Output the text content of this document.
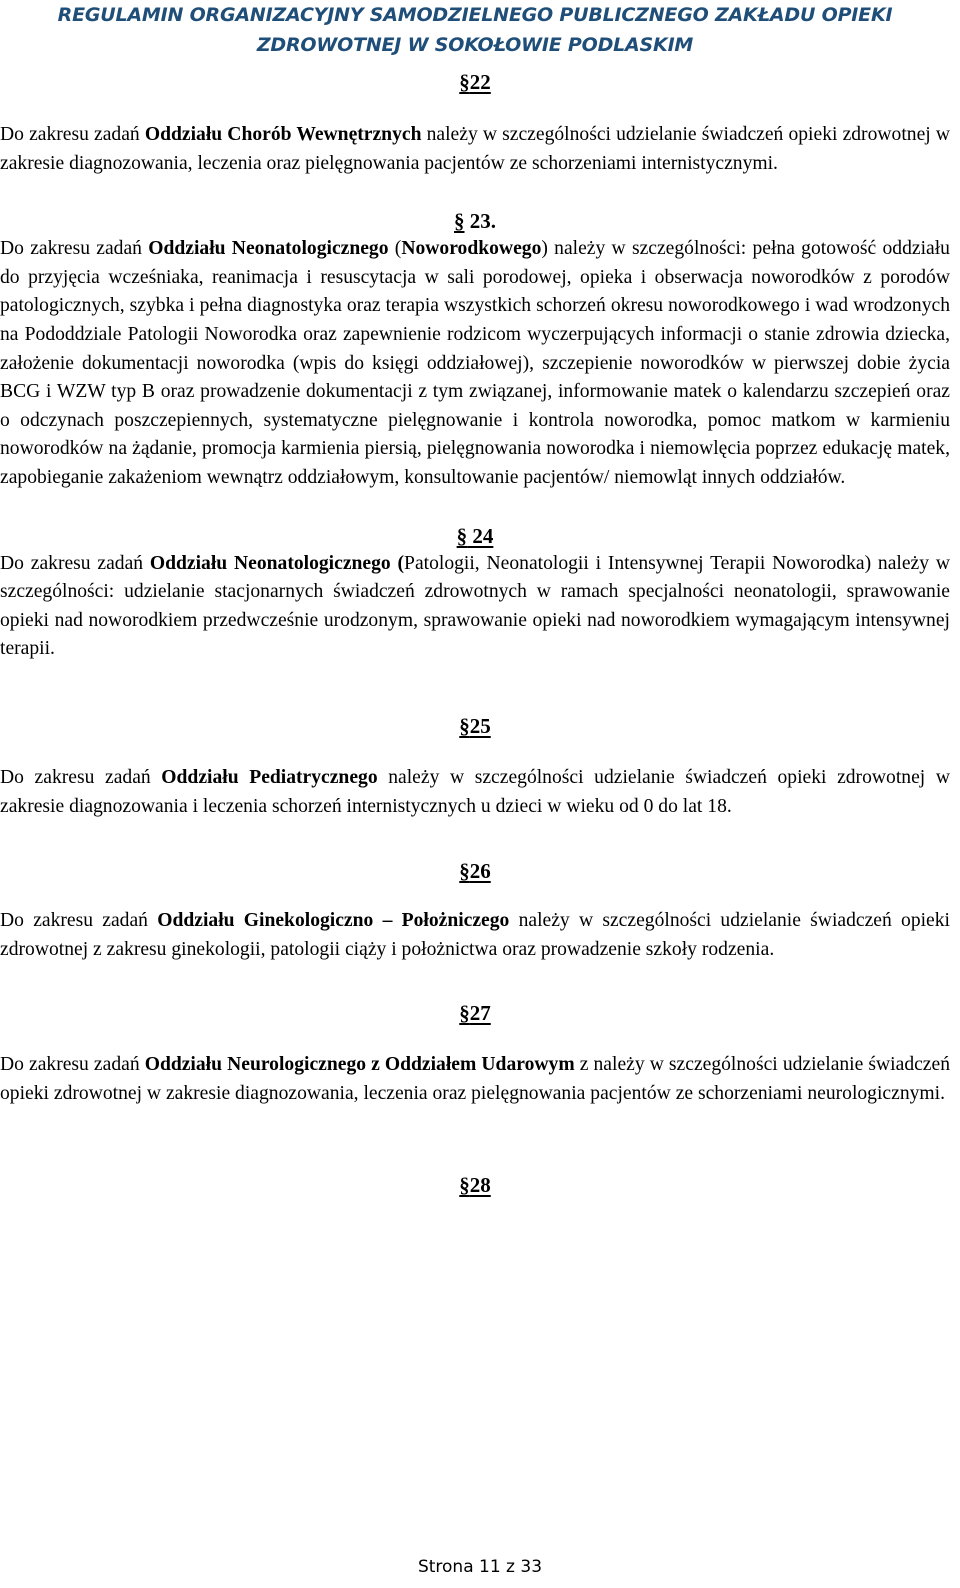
REGULAMIN ORGANIZACYJNY SAMODZIELNEGO PUBLICZNEGO ZAKŁADU OPIEKI
ZDROWOTNEJ W SOKOŁOWIE PODLASKIM
§22

Do zakresu zadań Oddziału Chorób Wewnętrznych należy w szczególności udzielanie świadczeń opieki zdrowotnej w zakresie diagnozowania, leczenia oraz pielęgnowania pacjentów ze schorzeniami internistycznymi.

§ 23.

Do zakresu zadań Oddziału Neonatologicznego (Noworodkowego) należy w szczególności: pełna gotowość oddziału do przyjęcia wcześniaka, reanimacja i resuscytacja w sali porodowej, opieka i obserwacja noworodków z porodów patologicznych, szybka i pełna diagnostyka oraz terapia wszystkich schorzeń okresu noworodkowego i wad wrodzonych na Pododdziale Patologii Noworodka oraz zapewnienie rodzicom wyczerpujących informacji o stanie zdrowia dziecka, założenie dokumentacji noworodka (wpis do księgi oddziałowej), szczepienie noworodków w pierwszej dobie życia BCG i WZW typ B oraz prowadzenie dokumentacji z tym związanej, informowanie matek o kalendarzu szczepień oraz o odczynach poszczepiennych, systematyczne pielęgnowanie i kontrola noworodka, pomoc matkom w karmieniu noworodków na żądanie, promocja karmienia piersią, pielęgnowania noworodka i niemowlęcia poprzez edukację matek, zapobieganie zakażeniom wewnątrz oddziałowym, konsultowanie pacjentów/ niemowląt innych oddziałów.

§ 24

Do zakresu zadań Oddziału Neonatologicznego (Patologii, Neonatologii i Intensywnej Terapii Noworodka) należy w szczególności: udzielanie stacjonarnych świadczeń zdrowotnych w ramach specjalności neonatologii, sprawowanie opieki nad noworodkiem przedwcześnie urodzonym, sprawowanie opieki nad noworodkiem wymagającym intensywnej terapii.

§25

Do zakresu zadań Oddziału Pediatrycznego należy w szczególności udzielanie świadczeń opieki zdrowotnej w zakresie diagnozowania i leczenia schorzeń internistycznych u dzieci w wieku od 0 do lat 18.

§26

Do zakresu zadań Oddziału Ginekologiczno – Położniczego należy w szczególności udzielanie świadczeń opieki zdrowotnej z zakresu ginekologii, patologii ciąży i położnictwa oraz prowadzenie szkoły rodzenia.

§27

Do zakresu zadań Oddziału Neurologicznego z Oddziałem Udarowym z należy w szczególności udzielanie świadczeń opieki zdrowotnej w zakresie diagnozowania, leczenia oraz pielęgnowania pacjentów ze schorzeniami neurologicznymi.

§28
Strona 11 z 33
